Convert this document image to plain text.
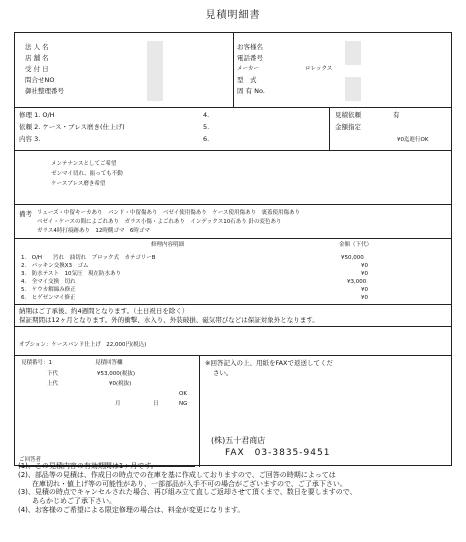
見積明細書
法 人 名
店 舗 名
受 付 日
問合せNO
御社整理番号
お客様名
電話番号
メーカー	ロレックス
型　式
固 有 No.
修理 1. O/H
依頼 2. ケース・ブレス磨き(仕上げ)
内容 3.
4.
5.
6.
見積依頼	有
金額指定
¥0迄進行OK
メンテナンスとしてご希望
ゼンマイ切れ、振っても不動
ケースブレス磨き希望
備考 リューズ・中留キーカあり　バンド・中留傷あり　ベゼイ使用傷あり　ケース使用傷あり　裏蓋使用傷あり
ベゼイ・ケースの間によごれあり　ガラス小傷・よごれあり　インデックス10石あり 針の変色あり
ガラス4時打痕跡あり　12時側ゴマ　6時ゴマ
修理内容明細	金額（下代）
1.　O/H　　汚れ　油切れ　ブロック式　カテゴリーB	¥50,000
2.　パッキン交換X3　ゴム	¥0
3.　防水テスト　10気圧　現在防水あり	¥0
4.　全マイ交換　切れ	¥3,000
5.　ケウカ解綿み修正	¥0
6.　ヒゲゼンマイ修正	¥0
納期はご了承後、約4週間となります。（土日祝日を除く）
保証期間は12ヶ月となります。外的衝撃、水入り、外装破損、磁気帯びなどは保証対象外となります。
オプション：ケースバンド仕上げ　22,000円(税込)
見積番号：1	見積回答欄
下代	¥53,000(税抜)
上代	¥0(税抜)
OK
月	日	NG
ご回答者
※回答記入の上、用紙をFAXで返送してくだ
さい。
(株)五十君商店
FAX　03-3835-9451
(1)、この見積内容の有効期間は1ヶ月です。
(2)、部品等の見積は、作成日の時点での在庫を基に作成しておりますので、ご回答の時期によっては
　　在庫切れ・値上げ等の可能性があり、一部部品が入手不可の場合がございますので、ご了承下さい。
(3)、見積の時点でキャンセルされた場合、再び組み立て直しご返却させて頂くまで、数日を要しますので、
　　あらかじめご了承下さい。
(4)、お客様のご希望による限定修理の場合は、料金が変更になります。
